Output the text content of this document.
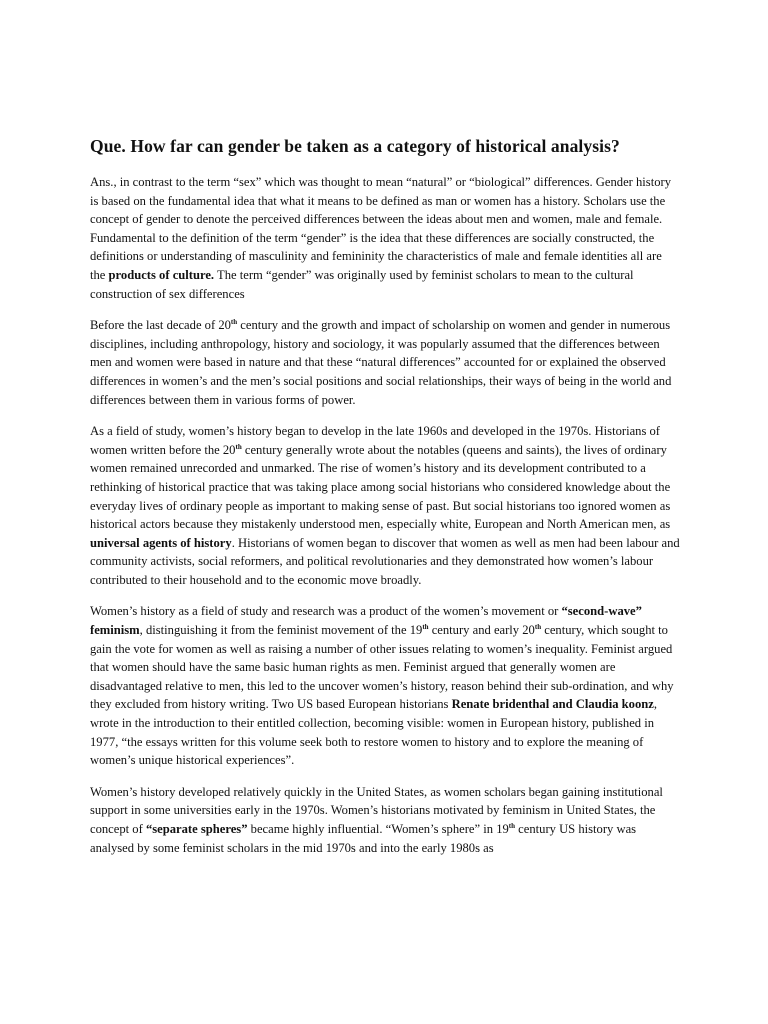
Que. How far can gender be taken as a category of historical analysis?

Ans., in contrast to the term “sex” which was thought to mean “natural” or “biological” differences. Gender history is based on the fundamental idea that what it means to be defined as man or women has a history. Scholars use the concept of gender to denote the perceived differences between the ideas about men and women, male and female. Fundamental to the definition of the term “gender” is the idea that these differences are socially constructed, the definitions or understanding of masculinity and femininity the characteristics of male and female identities all are the products of culture. The term “gender” was originally used by feminist scholars to mean to the cultural construction of sex differences

Before the last decade of 20th century and the growth and impact of scholarship on women and gender in numerous disciplines, including anthropology, history and sociology, it was popularly assumed that the differences between men and women were based in nature and that these “natural differences” accounted for or explained the observed differences in women’s and the men’s social positions and social relationships, their ways of being in the world and differences between them in various forms of power.

As a field of study, women’s history began to develop in the late 1960s and developed in the 1970s. Historians of women written before the 20th century generally wrote about the notables (queens and saints), the lives of ordinary women remained unrecorded and unmarked. The rise of women’s history and its development contributed to a rethinking of historical practice that was taking place among social historians who considered knowledge about the everyday lives of ordinary people as important to making sense of past. But social historians too ignored women as historical actors because they mistakenly understood men, especially white, European and North American men, as universal agents of history. Historians of women began to discover that women as well as men had been labour and community activists, social reformers, and political revolutionaries and they demonstrated how women’s labour contributed to their household and to the economic move broadly.

Women’s history as a field of study and research was a product of the women’s movement or “second-wave” feminism, distinguishing it from the feminist movement of the 19th century and early 20th century, which sought to gain the vote for women as well as raising a number of other issues relating to women’s inequality. Feminist argued that women should have the same basic human rights as men. Feminist argued that generally women are disadvantaged relative to men, this led to the uncover women’s history, reason behind their sub-ordination, and why they excluded from history writing. Two US based European historians Renate bridenthal and Claudia koonz, wrote in the introduction to their entitled collection, becoming visible: women in European history, published in 1977, “the essays written for this volume seek both to restore women to history and to explore the meaning of women’s unique historical experiences”.

Women’s history developed relatively quickly in the United States, as women scholars began gaining institutional support in some universities early in the 1970s. Women’s historians motivated by feminism in United States, the concept of “separate spheres” became highly influential. “Women’s sphere” in 19th century US history was analysed by some feminist scholars in the mid 1970s and into the early 1980s as
